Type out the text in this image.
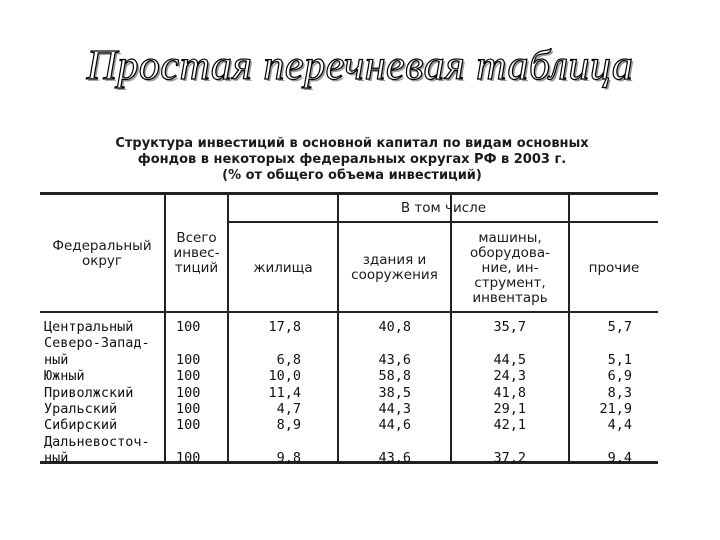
Простая перечневая таблица
Структура инвестиций в основной капитал по видам основных
фондов в некоторых федеральных округах РФ в 2003 г.
(% от общего объема инвестиций)
Федеральный
округ
Всего
инвес-
тиций
В том числе
жилища	здания и
сооружения
машины,
оборудова-
ние, ин-
струмент,
инвентарь
прочие
Центральный
Северо-Запад-
ный
Южный
Приволжский
Уральский
Сибирский
Дальневосточ-
ный
100
100
100
100
100
100
100
17,8
6,8
10,0
11,4
4,7
8,9
9,8
40,8
43,6
58,8
38,5
44,3
44,6
43,6
35,7
44,5
24,3
41,8
29,1
42,1
37,2
5,7
5,1
6,9
8,3
21,9
4,4
9,4
